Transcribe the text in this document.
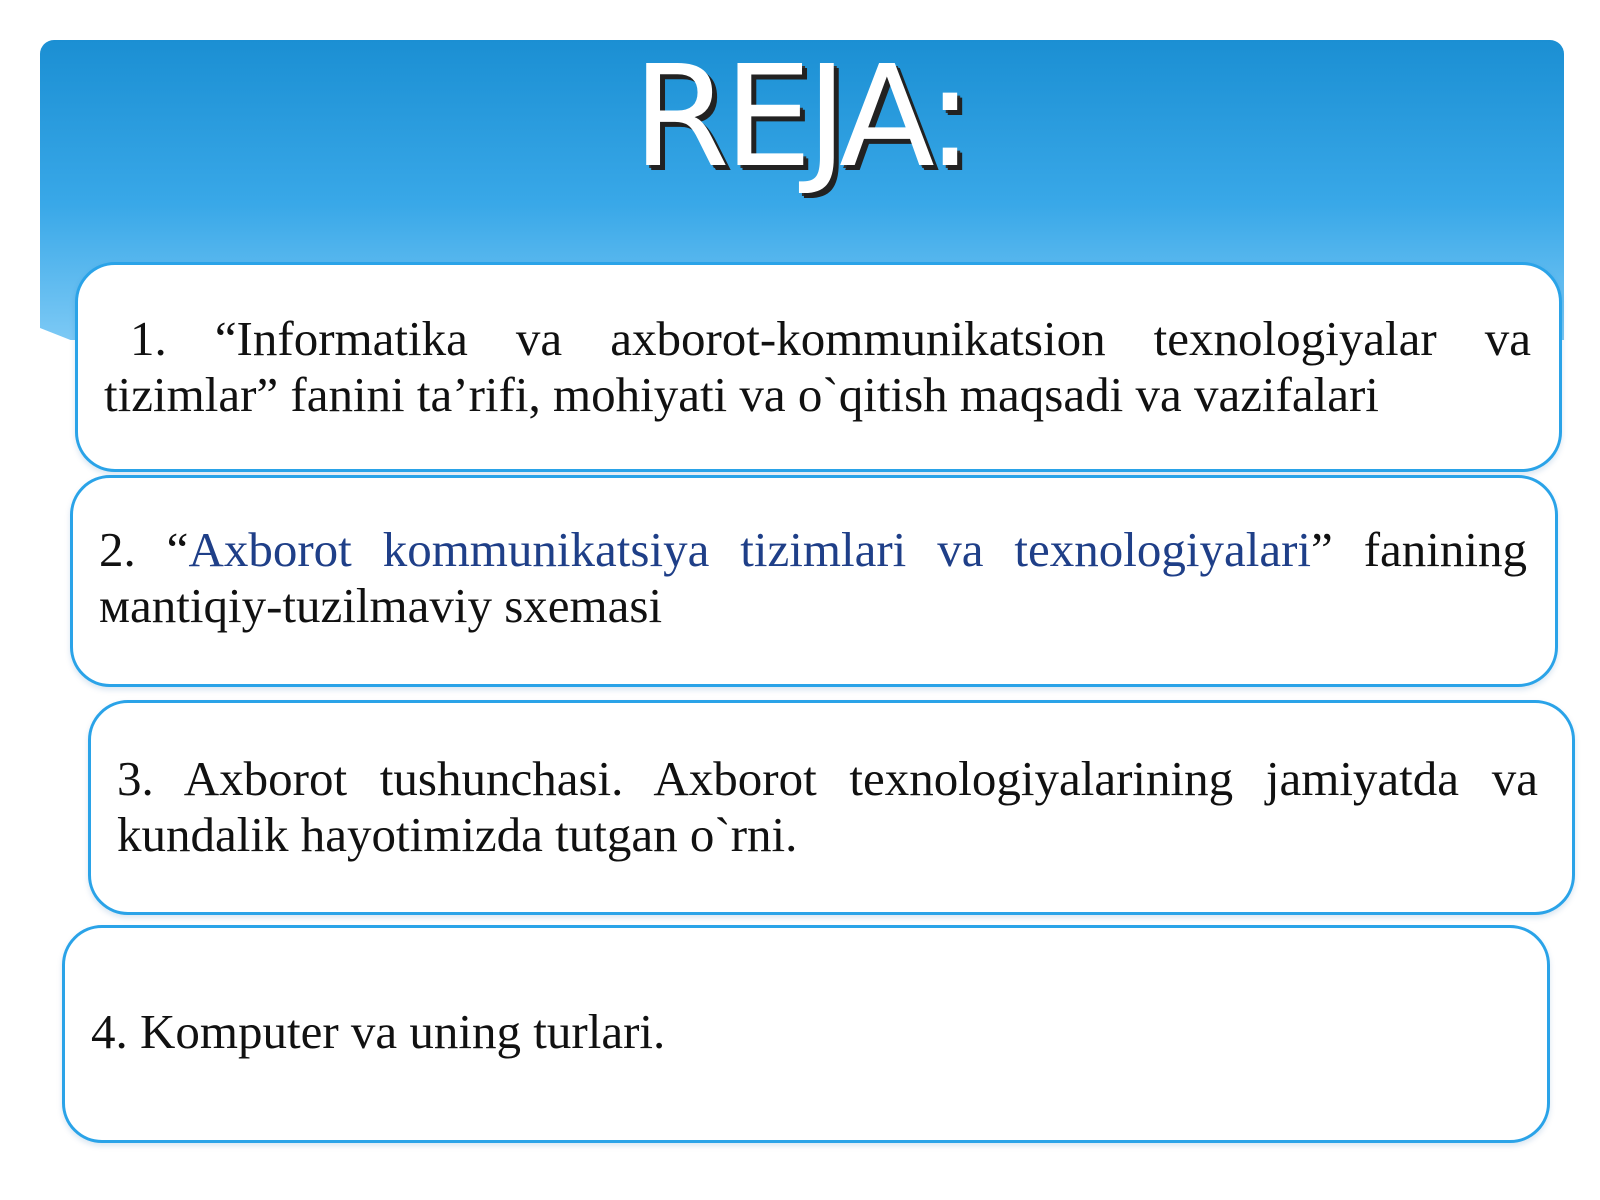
REJA:

1. “Informatika va axborot-kommunikatsion texnologiyalar va tizimlar” fanini ta’rifi, mohiyati va o`qitish maqsadi va vazifalari

2. “Axborot kommunikatsiya tizimlari va texnologiyalari” fanining мantiqiy-tuzilmaviy sxemasi

3. Axborot tushunchasi. Axborot texnologiyalarining jamiyatda va kundalik hayotimizda tutgan o`rni.

4. Komputer va uning turlari.
